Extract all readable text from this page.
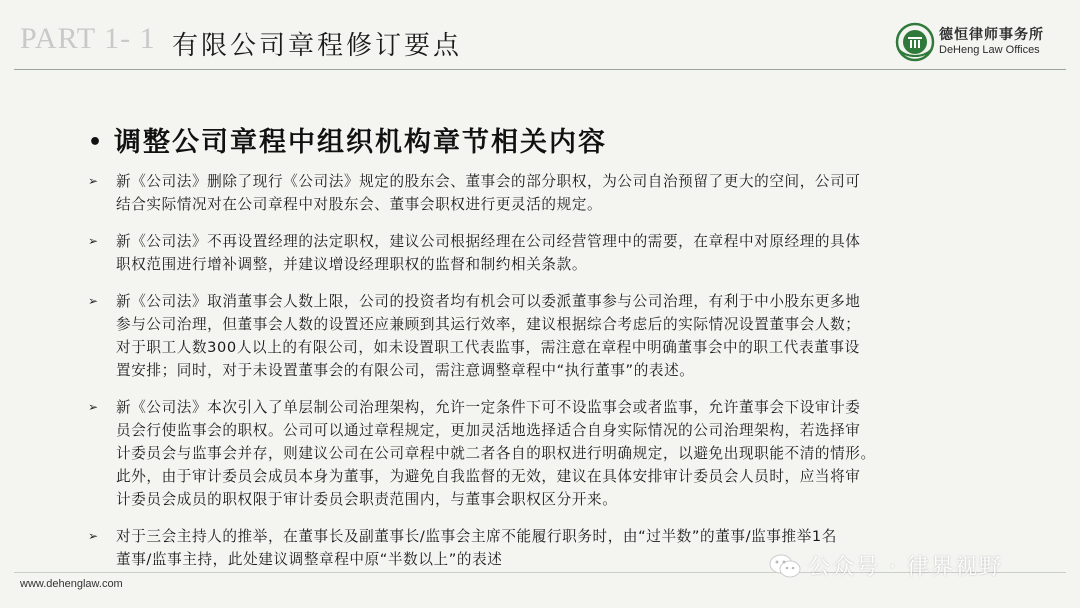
PART 1- 1 有限公司章程修订要点	德恒律师事务所
DeHeng Law Offices
• 调整公司章程中组织机构章节相关内容
➢ 新《公司法》删除了现行《公司法》规定的股东会、董事会的部分职权，为公司自治预留了更大的空间，公司可
结合实际情况对在公司章程中对股东会、董事会职权进行更灵活的规定。
➢ 新《公司法》不再设置经理的法定职权，建议公司根据经理在公司经营管理中的需要，在章程中对原经理的具体
职权范围进行增补调整，并建议增设经理职权的监督和制约相关条款。
➢ 新《公司法》取消董事会人数上限，公司的投资者均有机会可以委派董事参与公司治理，有利于中小股东更多地
参与公司治理，但董事会人数的设置还应兼顾到其运行效率，建议根据综合考虑后的实际情况设置董事会人数；
对于职工人数300人以上的有限公司，如未设置职工代表监事，需注意在章程中明确董事会中的职工代表董事设
置安排；同时，对于未设置董事会的有限公司，需注意调整章程中“执行董事”的表述。
➢ 新《公司法》本次引入了单层制公司治理架构，允许一定条件下可不设监事会或者监事，允许董事会下设审计委
员会行使监事会的职权。公司可以通过章程规定，更加灵活地选择适合自身实际情况的公司治理架构，若选择审
计委员会与监事会并存，则建议公司在公司章程中就二者各自的职权进行明确规定，以避免出现职能不清的情形。
此外，由于审计委员会成员本身为董事，为避免自我监督的无效，建议在具体安排审计委员会人员时，应当将审
计委员会成员的职权限于审计委员会职责范围内，与董事会职权区分开来。
➢ 对于三会主持人的推举，在董事长及副董事长/监事会主席不能履行职务时，由“过半数”的董事/监事推举1名
董事/监事主持，此处建议调整章程中原“半数以上”的表述
www.dehenglaw.com
公众号 · 律界视野
